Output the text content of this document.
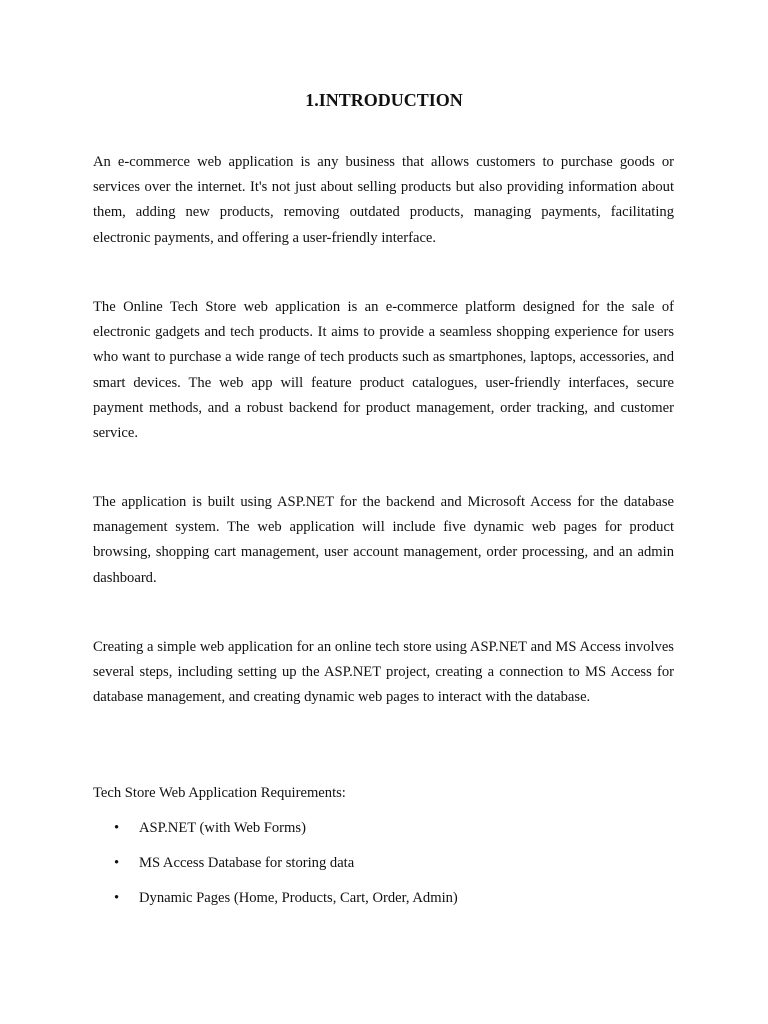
1.INTRODUCTION

An e-commerce web application is any business that allows customers to purchase goods or services over the internet. It's not just about selling products but also providing information about them, adding new products, removing outdated products, managing payments, facilitating electronic payments, and offering a user-friendly interface.

The Online Tech Store web application is an e-commerce platform designed for the sale of electronic gadgets and tech products. It aims to provide a seamless shopping experience for users who want to purchase a wide range of tech products such as smartphones, laptops, accessories, and smart devices. The web app will feature product catalogues, user-friendly interfaces, secure payment methods, and a robust backend for product management, order tracking, and customer service.

The application is built using ASP.NET for the backend and Microsoft Access for the database management system. The web application will include five dynamic web pages for product browsing, shopping cart management, user account management, order processing, and an admin dashboard.

Creating a simple web application for an online tech store using ASP.NET and MS Access involves several steps, including setting up the ASP.NET project, creating a connection to MS Access for database management, and creating dynamic web pages to interact with the database.

Tech Store Web Application Requirements:

• ASP.NET (with Web Forms)
• MS Access Database for storing data
• Dynamic Pages (Home, Products, Cart, Order, Admin)
